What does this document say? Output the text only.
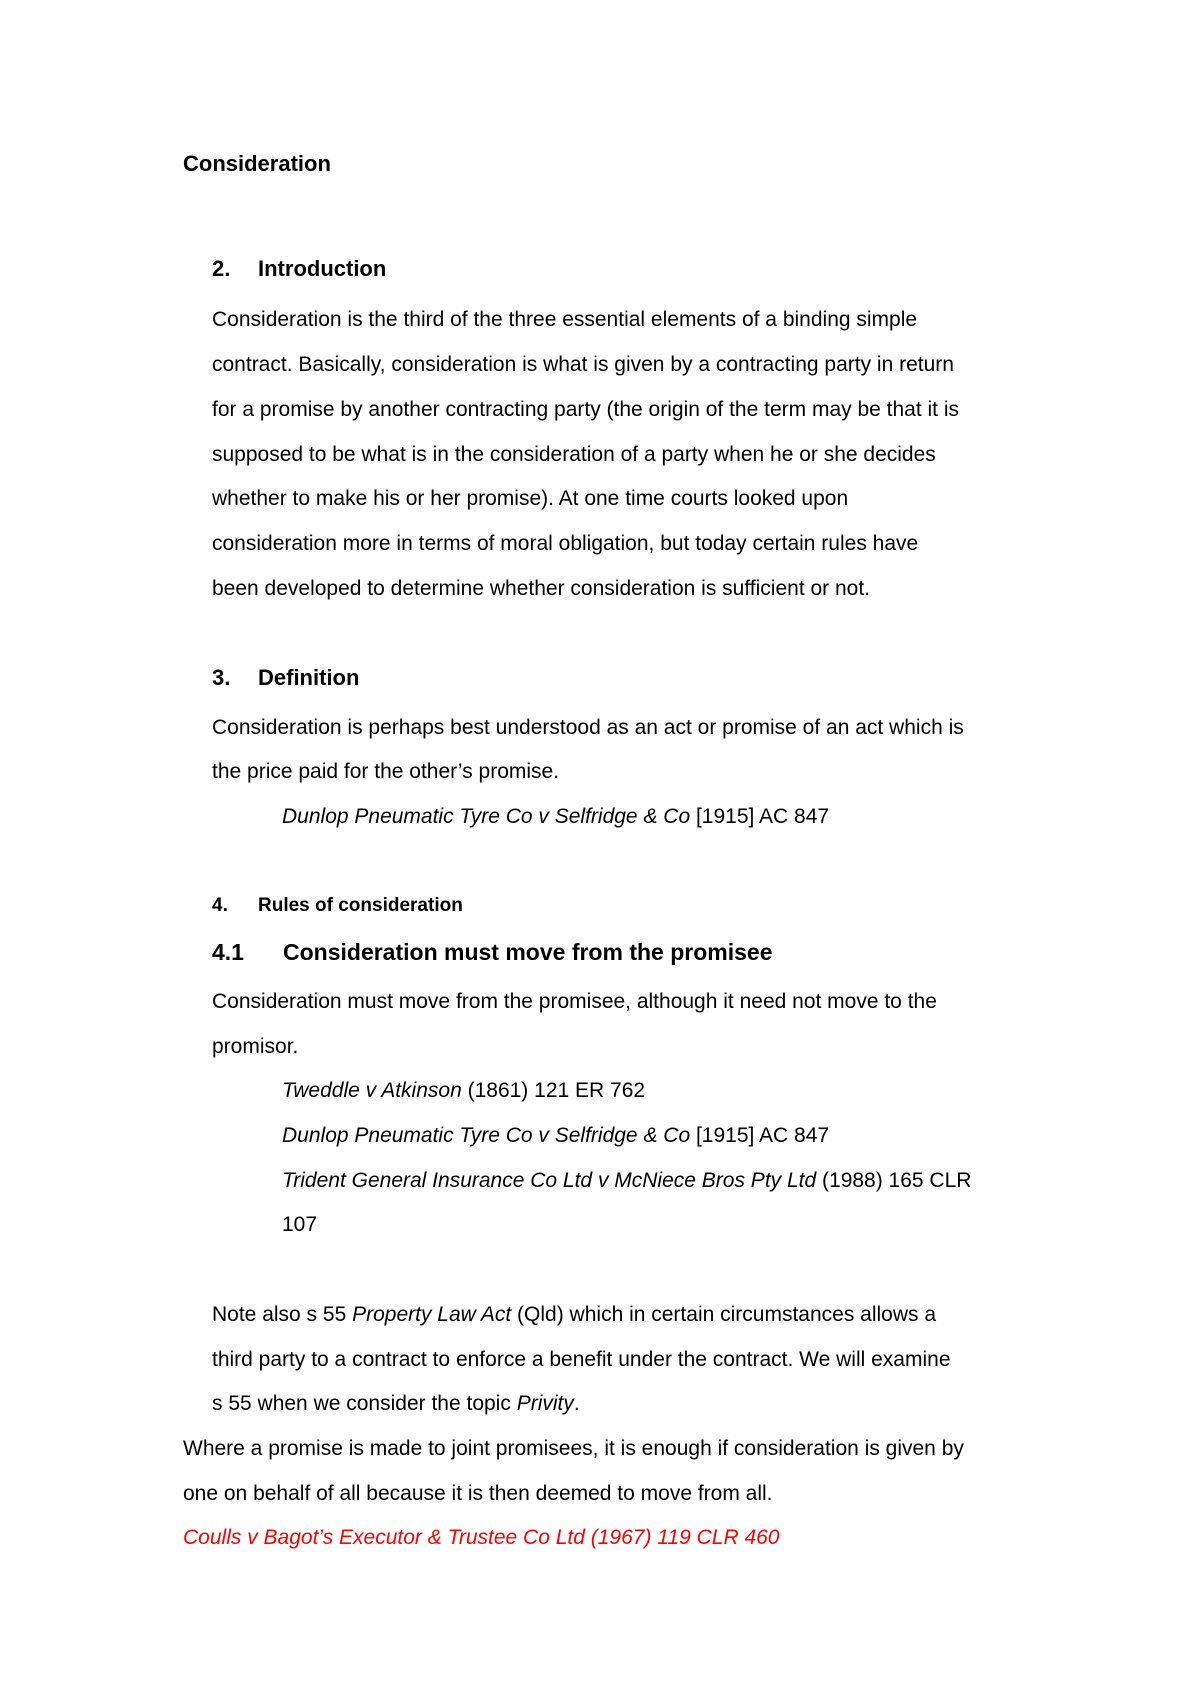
Consideration
2. Introduction
Consideration is the third of the three essential elements of a binding simple
contract. Basically, consideration is what is given by a contracting party in return
for a promise by another contracting party (the origin of the term may be that it is
supposed to be what is in the consideration of a party when he or she decides
whether to make his or her promise). At one time courts looked upon
consideration more in terms of moral obligation, but today certain rules have
been developed to determine whether consideration is sufficient or not.
3. Definition
Consideration is perhaps best understood as an act or promise of an act which is
the price paid for the other’s promise.
Dunlop Pneumatic Tyre Co v Selfridge & Co [1915] AC 847
4. Rules of consideration
4.1 Consideration must move from the promisee
Consideration must move from the promisee, although it need not move to the
promisor.
Tweddle v Atkinson (1861) 121 ER 762
Dunlop Pneumatic Tyre Co v Selfridge & Co [1915] AC 847
Trident General Insurance Co Ltd v McNiece Bros Pty Ltd (1988) 165 CLR
107
Note also s 55 Property Law Act (Qld) which in certain circumstances allows a
third party to a contract to enforce a benefit under the contract. We will examine
s 55 when we consider the topic Privity.
Where a promise is made to joint promisees, it is enough if consideration is given by
one on behalf of all because it is then deemed to move from all.
Coulls v Bagot’s Executor & Trustee Co Ltd (1967) 119 CLR 460
